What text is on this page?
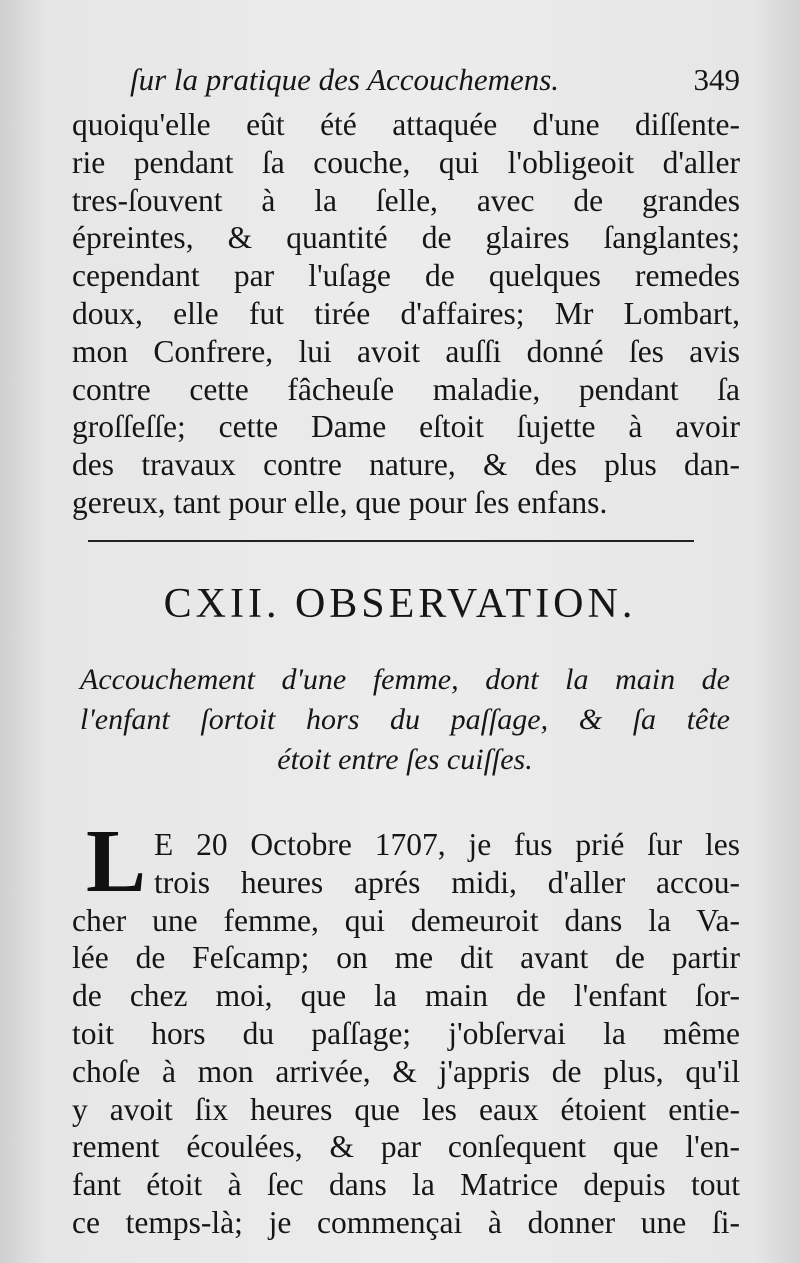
ſur la pratique des Accouchemens.	349
quoiqu'elle eût été attaquée d'une diſſente-
rie pendant ſa couche, qui l'obligeoit d'aller
tres-ſouvent à la ſelle, avec de grandes
épreintes, & quantité de glaires ſanglantes;
cependant par l'uſage de quelques remedes
doux, elle fut tirée d'affaires; Mr Lombart,
mon Confrere, lui avoit auſſi donné ſes avis
contre cette fâcheuſe maladie, pendant ſa
groſſeſſe; cette Dame eſtoit ſujette à avoir
des travaux contre nature, & des plus dan-
gereux, tant pour elle, que pour ſes enfans.
CXII. OBSERVATION.
Accouchement d'une femme, dont la main de
l'enfant ſortoit hors du paſſage, & ſa tête
étoit entre ſes cuiſſes.
L E 20 Octobre 1707, je fus prié ſur les
trois heures aprés midi, d'aller accou-
cher une femme, qui demeuroit dans la Va-
lée de Feſcamp; on me dit avant de partir
de chez moi, que la main de l'enfant ſor-
toit hors du paſſage; j'obſervai la même
choſe à mon arrivée, & j'appris de plus, qu'il
y avoit ſix heures que les eaux étoient entie-
rement écoulées, & par conſequent que l'en-
fant étoit à ſec dans la Matrice depuis tout
ce temps-là; je commençai à donner une ſi-
